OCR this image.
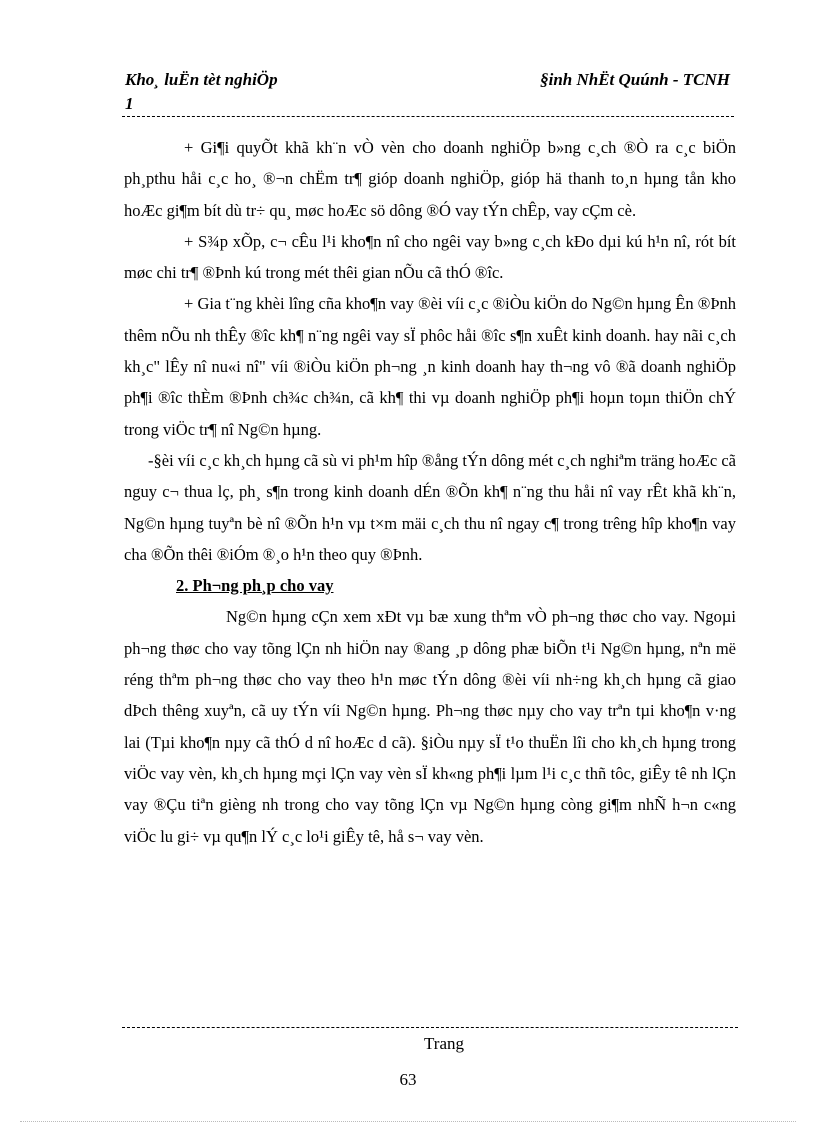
Kho¸ luËn tèt nghiÖp
1
§inh NhËt Quúnh - TCNH

+ Gi¶i quyÕt khã kh¨n vÒ vèn cho doanh nghiÖp b»ng c¸ch ®Ò ra c¸c biÖn ph¸pthu håi c¸c ho¸ ®¬n chËm tr¶ gióp doanh nghiÖp, gióp hä thanh to¸n hµng tån kho hoÆc gi¶m bít dù tr÷ qu¸ møc hoÆc sö dông ®Ó vay tÝn chÊp, vay cÇm cè.

+ S¾p xÕp, c¬ cÊu l¹i kho¶n nî cho ngêi vay b»ng c¸ch kÐo dµi kú h¹n nî, rót bít møc chi tr¶ ®Þnh kú trong mét thêi gian nÕu cã thÓ ®îc.

+ Gia t¨ng khèi lîng cña kho¶n vay ®èi víi c¸c ®iÒu kiÖn do Ng©n hµng Ên ®Þnh thêm nÕu nh thÊy ®îc kh¶ n¨ng ngêi vay sÏ phôc håi ®îc s¶n xuÊt kinh doanh. hay nãi c¸ch kh¸c" lÊy nî nu«i nî" víi ®iÒu kiÖn ph¬ng ¸n kinh doanh hay th¬ng vô ®ã doanh nghiÖp ph¶i ®îc thÈm ®Þnh ch¾c ch¾n, cã kh¶ thi vµ doanh nghiÖp ph¶i hoµn toµn thiÖn chÝ trong viÖc tr¶ nî Ng©n hµng.

-§èi víi c¸c kh¸ch hµng cã sù vi ph¹m hîp ®ång tÝn dông mét c¸ch nghiªm träng hoÆc cã nguy c¬ thua lç, ph¸ s¶n trong kinh doanh dÉn ®Õn kh¶ n¨ng thu håi nî vay rÊt khã kh¨n, Ng©n hµng tuyªn bè nî ®Õn h¹n vµ t×m mäi c¸ch thu nî ngay c¶ trong trêng hîp kho¶n vay cha ®Õn thêi ®iÓm ®¸o h¹n theo quy ®Þnh.

2. Ph¬ng ph¸p cho vay

Ng©n hµng cÇn xem xÐt vµ bæ xung thªm vÒ ph¬ng thøc cho vay. Ngoµi ph¬ng thøc cho vay tõng lÇn nh hiÖn nay ®ang ¸p dông phæ biÕn t¹i Ng©n hµng, nªn më réng thªm ph¬ng thøc cho vay theo h¹n møc tÝn dông ®èi víi nh÷ng kh¸ch hµng cã giao dÞch thêng xuyªn, cã uy tÝn víi Ng©n hµng. Ph¬ng thøc nµy cho vay trªn tµi kho¶n v·ng lai (Tµi kho¶n nµy cã thÓ d nî hoÆc d cã). §iÒu nµy sÏ t¹o thuËn lîi cho kh¸ch hµng trong viÖc vay vèn, kh¸ch hµng mçi lÇn vay vèn sÏ kh«ng ph¶i lµm l¹i c¸c thñ tôc, giÊy tê nh lÇn vay ®Çu tiªn gièng nh trong cho vay tõng lÇn vµ Ng©n hµng còng gi¶m nhÑ h¬n c«ng viÖc lu gi÷ vµ qu¶n lÝ c¸c lo¹i giÊy tê, hå s¬ vay vèn.

Trang
63
